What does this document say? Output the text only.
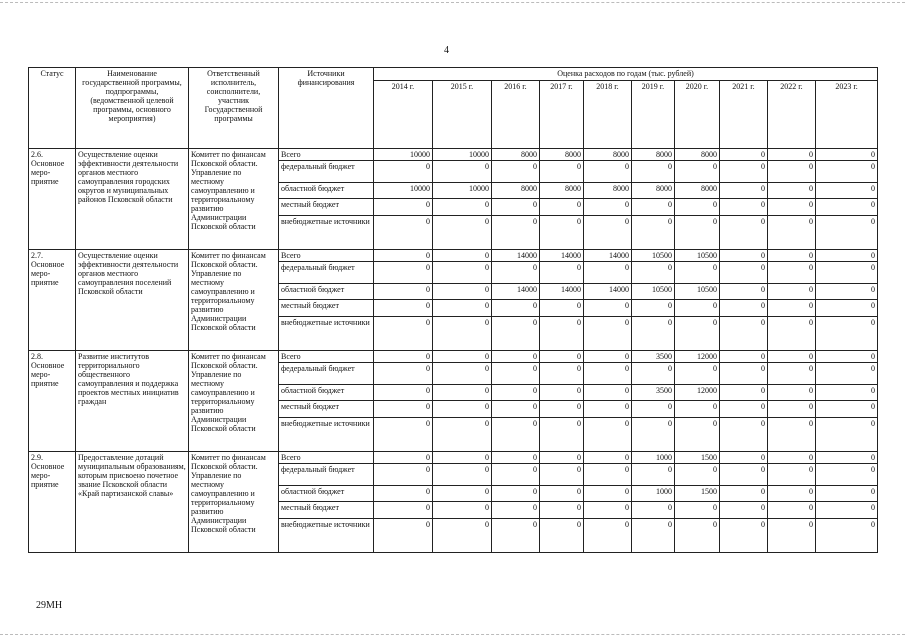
4
Статус	Наименование государственной программы, подпрограммы, (ведомственной целевой программы, основного мероприятия)	Ответственный исполнитель, соисполнители, участник Государственной программы	Источники финансирования	Оценка расходов по годам (тыс. рублей)									
				2014 г.	2015 г.	2016 г.	2017 г.	2018 г.	2019 г.	2020 г.	2021 г.	2022 г.	2023 г.
2.6.
Основное
меро-
приятие	Осуществление оценки эффективности деятельности органов местного самоуправления городских округов и муниципальных районов Псковской области	Комитет по финансам Псковской области. Управление по местному самоуправлению и территориальному развитию Администрации Псковской области	Всего	10000	10000	8000	8000	8000	8000	8000	0	0	0
			федеральный бюджет	0	0	0	0	0	0	0	0	0	0
			областной бюджет	10000	10000	8000	8000	8000	8000	8000	0	0	0
			местный бюджет	0	0	0	0	0	0	0	0	0	0
			внебюджетные источники	0	0	0	0	0	0	0	0	0	0
2.7.
Основное
меро-
приятие	Осуществление оценки эффективности деятельности органов местного самоуправления поселений Псковской области	Комитет по финансам Псковской области. Управление по местному самоуправлению и территориальному развитию Администрации Псковской области	Всего	0	0	14000	14000	14000	10500	10500	0	0	0
			федеральный бюджет	0	0	0	0	0	0	0	0	0	0
			областной бюджет	0	0	14000	14000	14000	10500	10500	0	0	0
			местный бюджет	0	0	0	0	0	0	0	0	0	0
			внебюджетные источники	0	0	0	0	0	0	0	0	0	0
2.8.
Основное
меро-
приятие	Развитие институтов территориального общественного самоуправления и поддержка проектов местных инициатив граждан	Комитет по финансам Псковской области. Управление по местному самоуправлению и территориальному развитию Администрации Псковской области	Всего	0	0	0	0	0	3500	12000	0	0	0
			федеральный бюджет	0	0	0	0	0	0	0	0	0	0
			областной бюджет	0	0	0	0	0	3500	12000	0	0	0
			местный бюджет	0	0	0	0	0	0	0	0	0	0
			внебюджетные источники	0	0	0	0	0	0	0	0	0	0
2.9.
Основное
меро-
приятие	Предоставление дотаций муниципальным образованиям, которым присвоено почетное звание Псковской области «Край партизанской славы»	Комитет по финансам Псковской области. Управление по местному самоуправлению и территориальному развитию Администрации Псковской области	Всего	0	0	0	0	0	1000	1500	0	0	0
			федеральный бюджет	0	0	0	0	0	0	0	0	0	0
			областной бюджет	0	0	0	0	0	1000	1500	0	0	0
			местный бюджет	0	0	0	0	0	0	0	0	0	0
			внебюджетные источники	0	0	0	0	0	0	0	0	0	0
29МН
